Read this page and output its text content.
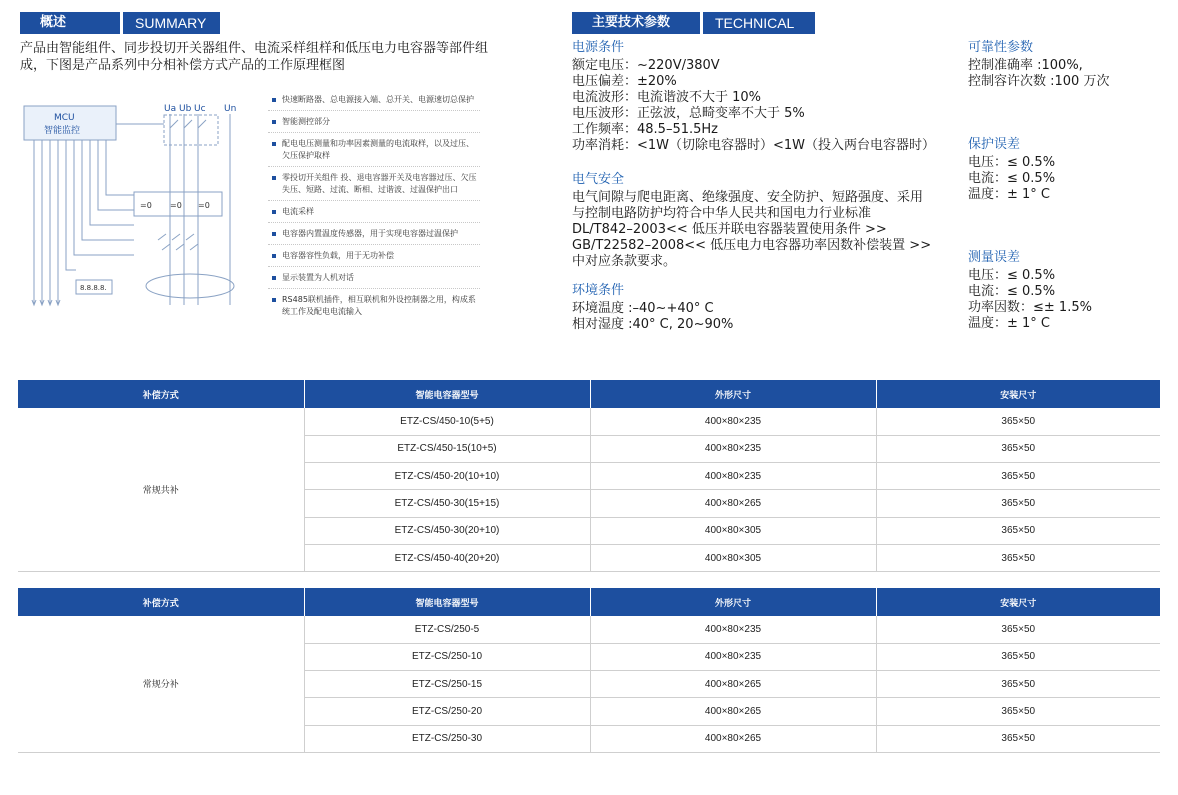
概述	SUMMARY
产品由智能组件、同步投切开关器组件、电流采样组样和低压电力电容器等部件组成，下图是产品系列中分相补偿方式产品的工作原理框图
MCU
智能监控
Ua Ub Uc Un
=0 =0 =0
8.8.8.8.
快速断路器、总电源接入端、总开关、电源速切总保护
智能测控部分
配电电压测量和功率因素测量的电流取样，以及过压、欠压保护取样
零投切开关组件 投、退电容器开关及电容器过压、欠压失压、短路、过流、断相、过谐波、过温保护出口
电流采样
电容器内置温度传感器，用于实现电容器过温保护
电容器容性负载，用于无功补偿
显示装置为人机对话
RS485联机插件，相互联机和外设控制器之用，构成系统工作及配电电流输入
主要技术参数	TECHNICAL
电源条件
额定电压：~220V/380V
电压偏差：±20%
电流波形：电流谐波不大于 10%
电压波形：正弦波，总畸变率不大于 5%
工作频率：48.5–51.5Hz
功率消耗：<1W（切除电容器时）<1W（投入两台电容器时）
电气安全
电气间隙与爬电距离、绝缘强度、安全防护、短路强度、采用
与控制电路防护均符合中华人民共和国电力行业标准
DL/T842–2003<< 低压并联电容器装置使用条件 >>
GB/T22582–2008<< 低压电力电容器功率因数补偿装置 >>
中对应条款要求。
环境条件
环境温度 :–40~+40° C
相对湿度 :40° C, 20~90%
可靠性参数
控制准确率 :100%,
控制容许次数 :100 万次
保护误差
电压：≤ 0.5%
电流：≤ 0.5%
温度：± 1° C
测量误差
电压：≤ 0.5%
电流：≤ 0.5%
功率因数：≤± 1.5%
温度：± 1° C
补偿方式	智能电容器型号	外形尺寸	安装尺寸
常规共补	ETZ-CS/450-10(5+5)	400×80×235	365×50
	ETZ-CS/450-15(10+5)	400×80×235	365×50
	ETZ-CS/450-20(10+10)	400×80×235	365×50
	ETZ-CS/450-30(15+15)	400×80×265	365×50
	ETZ-CS/450-30(20+10)	400×80×305	365×50
	ETZ-CS/450-40(20+20)	400×80×305	365×50
补偿方式	智能电容器型号	外形尺寸	安装尺寸
常规分补	ETZ-CS/250-5	400×80×235	365×50
	ETZ-CS/250-10	400×80×235	365×50
	ETZ-CS/250-15	400×80×265	365×50
	ETZ-CS/250-20	400×80×265	365×50
	ETZ-CS/250-30	400×80×265	365×50
